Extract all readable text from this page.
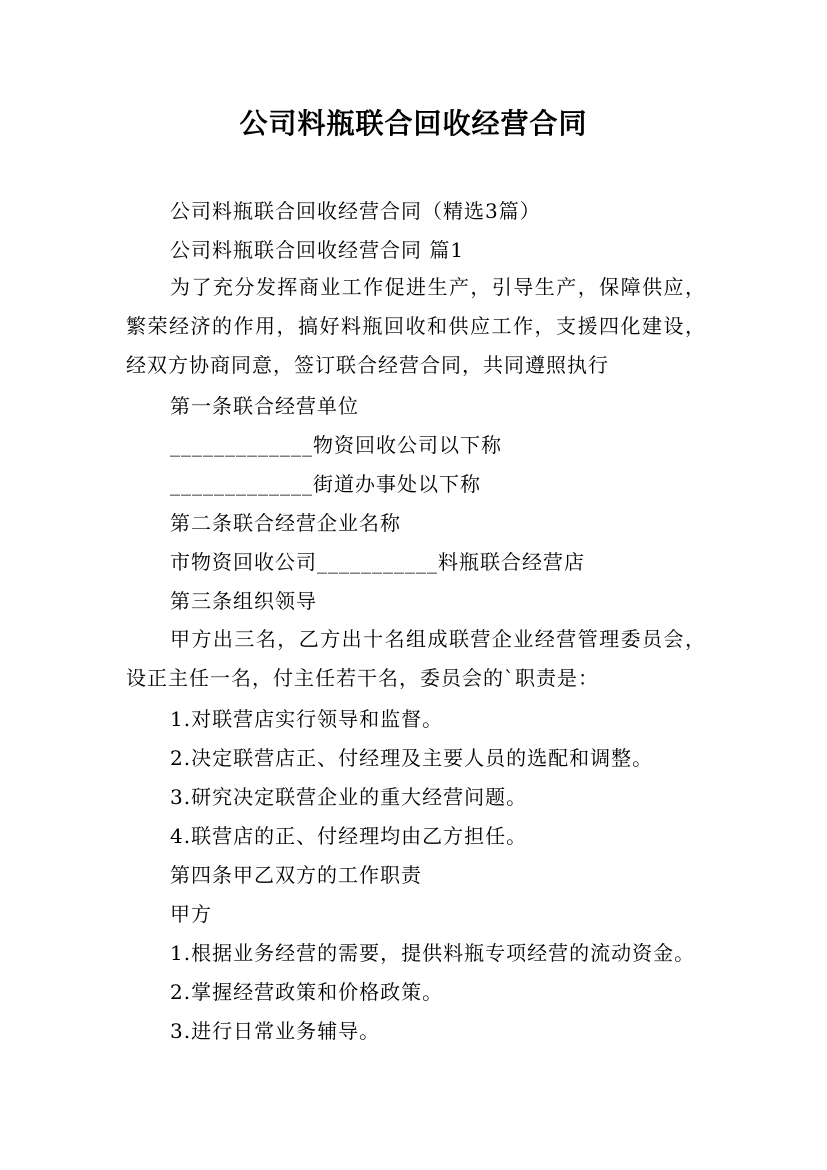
公司料瓶联合回收经营合同
公司料瓶联合回收经营合同（精选3篇）
公司料瓶联合回收经营合同 篇1

为了充分发挥商业工作促进生产，引导生产，保障供应，繁荣经济的作用，搞好料瓶回收和供应工作，支援四化建设，经双方协商同意，签订联合经营合同，共同遵照执行

第一条联合经营单位
_____________物资回收公司以下称
_____________街道办事处以下称
第二条联合经营企业名称
市物资回收公司___________料瓶联合经营店
第三条组织领导

甲方出三名，乙方出十名组成联营企业经营管理委员会，设正主任一名，付主任若干名，委员会的`职责是：

1.对联营店实行领导和监督。
2.决定联营店正、付经理及主要人员的选配和调整。
3.研究决定联营企业的重大经营问题。
4.联营店的正、付经理均由乙方担任。
第四条甲乙双方的工作职责
甲方
1.根据业务经营的需要，提供料瓶专项经营的流动资金。
2.掌握经营政策和价格政策。
3.进行日常业务辅导。
